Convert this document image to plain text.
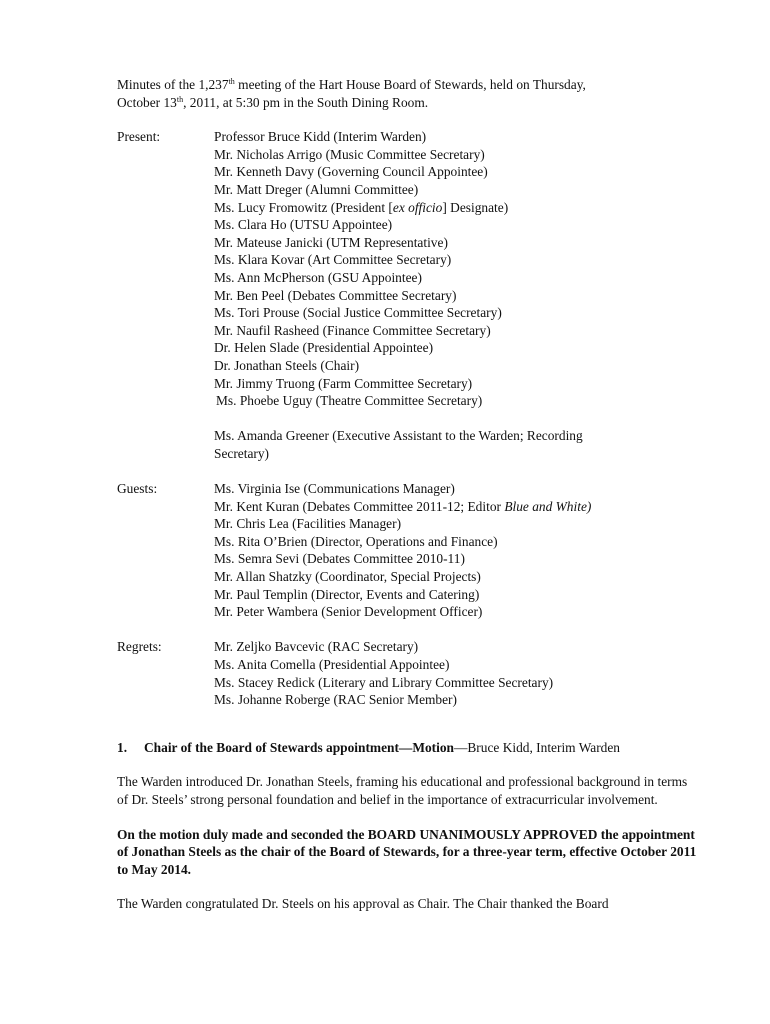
Minutes of the 1,237th meeting of the Hart House Board of Stewards, held on Thursday,
October 13th, 2011, at 5:30 pm in the South Dining Room.

Present:	Professor Bruce Kidd (Interim Warden)
Mr. Nicholas Arrigo (Music Committee Secretary)
Mr. Kenneth Davy (Governing Council Appointee)
Mr. Matt Dreger (Alumni Committee)
Ms. Lucy Fromowitz (President [ex officio] Designate)
Ms. Clara Ho (UTSU Appointee)
Mr. Mateuse Janicki (UTM Representative)
Ms. Klara Kovar (Art Committee Secretary)
Ms. Ann McPherson (GSU Appointee)
Mr. Ben Peel (Debates Committee Secretary)
Ms. Tori Prouse (Social Justice Committee Secretary)
Mr. Naufil Rasheed (Finance Committee Secretary)
Dr. Helen Slade (Presidential Appointee)
Dr. Jonathan Steels (Chair)
Mr. Jimmy Truong (Farm Committee Secretary)
Ms. Phoebe Uguy (Theatre Committee Secretary)
Ms. Amanda Greener (Executive Assistant to the Warden; Recording
Secretary)
Guests:	Ms. Virginia Ise (Communications Manager)
Mr. Kent Kuran (Debates Committee 2011-12; Editor Blue and White)
Mr. Chris Lea (Facilities Manager)
Ms. Rita O’Brien (Director, Operations and Finance)
Ms. Semra Sevi (Debates Committee 2010-11)
Mr. Allan Shatzky (Coordinator, Special Projects)
Mr. Paul Templin (Director, Events and Catering)
Mr. Peter Wambera (Senior Development Officer)
Regrets:	Mr. Zeljko Bavcevic (RAC Secretary)
Ms. Anita Comella (Presidential Appointee)
Ms. Stacey Redick (Literary and Library Committee Secretary)
Ms. Johanne Roberge (RAC Senior Member)
1.	Chair of the Board of Stewards appointment—Motion—Bruce Kidd, Interim Warden

The Warden introduced Dr. Jonathan Steels, framing his educational and professional background in terms of Dr. Steels’ strong personal foundation and belief in the importance of extracurricular involvement.

On the motion duly made and seconded the BOARD UNANIMOUSLY APPROVED the appointment of Jonathan Steels as the chair of the Board of Stewards, for a three-year term, effective October 2011 to May 2014.

The Warden congratulated Dr. Steels on his approval as Chair. The Chair thanked the Board
